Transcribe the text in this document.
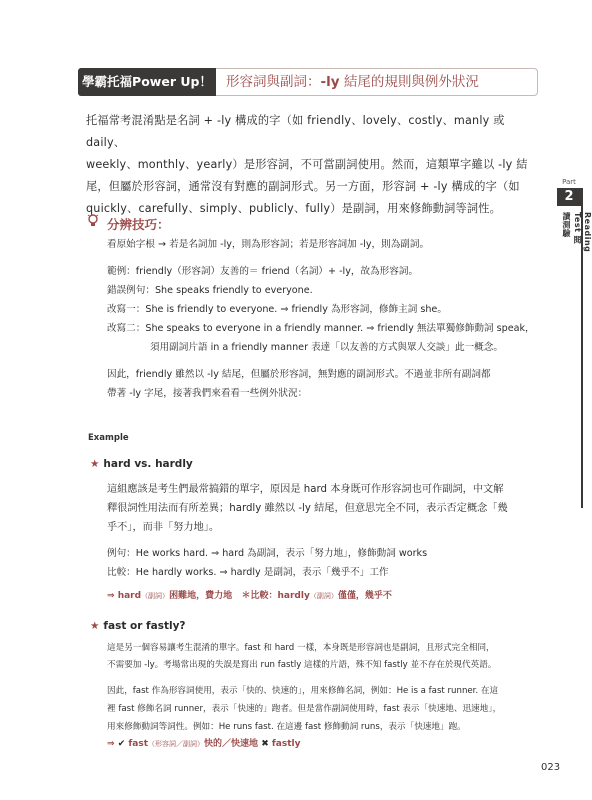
學霸托福Power Up！	形容詞與副詞：-ly 結尾的規則與例外狀況
Part
2
Reading Test 閱讀測驗
托福常考混淆點是名詞 + -ly 構成的字（如 friendly、lovely、costly、manly 或 daily、
weekly、monthly、yearly）是形容詞，不可當副詞使用。然而，這類單字雖以 -ly 結
尾，但屬於形容詞，通常沒有對應的副詞形式。另一方面，形容詞 + -ly 構成的字（如
quickly、carefully、simply、publicly、fully）是副詞，用來修飾動詞等詞性。
分辨技巧：
看原始字根 → 若是名詞加 -ly，則為形容詞；若是形容詞加 -ly，則為副詞。
範例：friendly（形容詞）友善的＝ friend（名詞）+ -ly，故為形容詞。
錯誤例句：She speaks friendly to everyone.
改寫一：She is friendly to everyone. ⇒ friendly 為形容詞，修飾主詞 she。
改寫二：She speaks to everyone in a friendly manner. ⇒ friendly 無法單獨修飾動詞 speak，
須用副詞片語 in a friendly manner 表達「以友善的方式與眾人交談」此一概念。
因此，friendly 雖然以 -ly 結尾，但屬於形容詞，無對應的副詞形式。不過並非所有副詞都
帶著 -ly 字尾，接著我們來看看一些例外狀況：
Example
★ hard vs. hardly
這組應該是考生們最常搞錯的單字，原因是 hard 本身既可作形容詞也可作副詞，中文解
釋很詞性用法而有所差異；hardly 雖然以 -ly 結尾，但意思完全不同，表示否定概念「幾
乎不」，而非「努力地」。
例句：He works hard. ⇒ hard 為副詞，表示「努力地」，修飾動詞 works
比較：He hardly works. ⇒ hardly 是副詞，表示「幾乎不」工作
⇒ hard（副詞）困難地，費力地 ＊比較：hardly（副詞）僅僅，幾乎不
★ fast or fastly?
這是另一個容易讓考生混淆的單字。fast 和 hard 一樣，本身既是形容詞也是副詞，且形式完全相同，
不需要加 -ly。考場常出現的失誤是寫出 run fastly 這樣的片語，殊不知 fastly 並不存在於現代英語。
因此，fast 作為形容詞使用，表示「快的、快速的」，用來修飾名詞，例如：He is a fast runner. 在這
裡 fast 修飾名詞 runner，表示「快速的」跑者。但是當作副詞使用時，fast 表示「快速地、迅速地」，
用來修飾動詞等詞性。例如：He runs fast. 在這邊 fast 修飾動詞 runs，表示「快速地」跑。
⇒ ✔ fast（形容詞／副詞）快的／快速地 ✖ fastly
023
